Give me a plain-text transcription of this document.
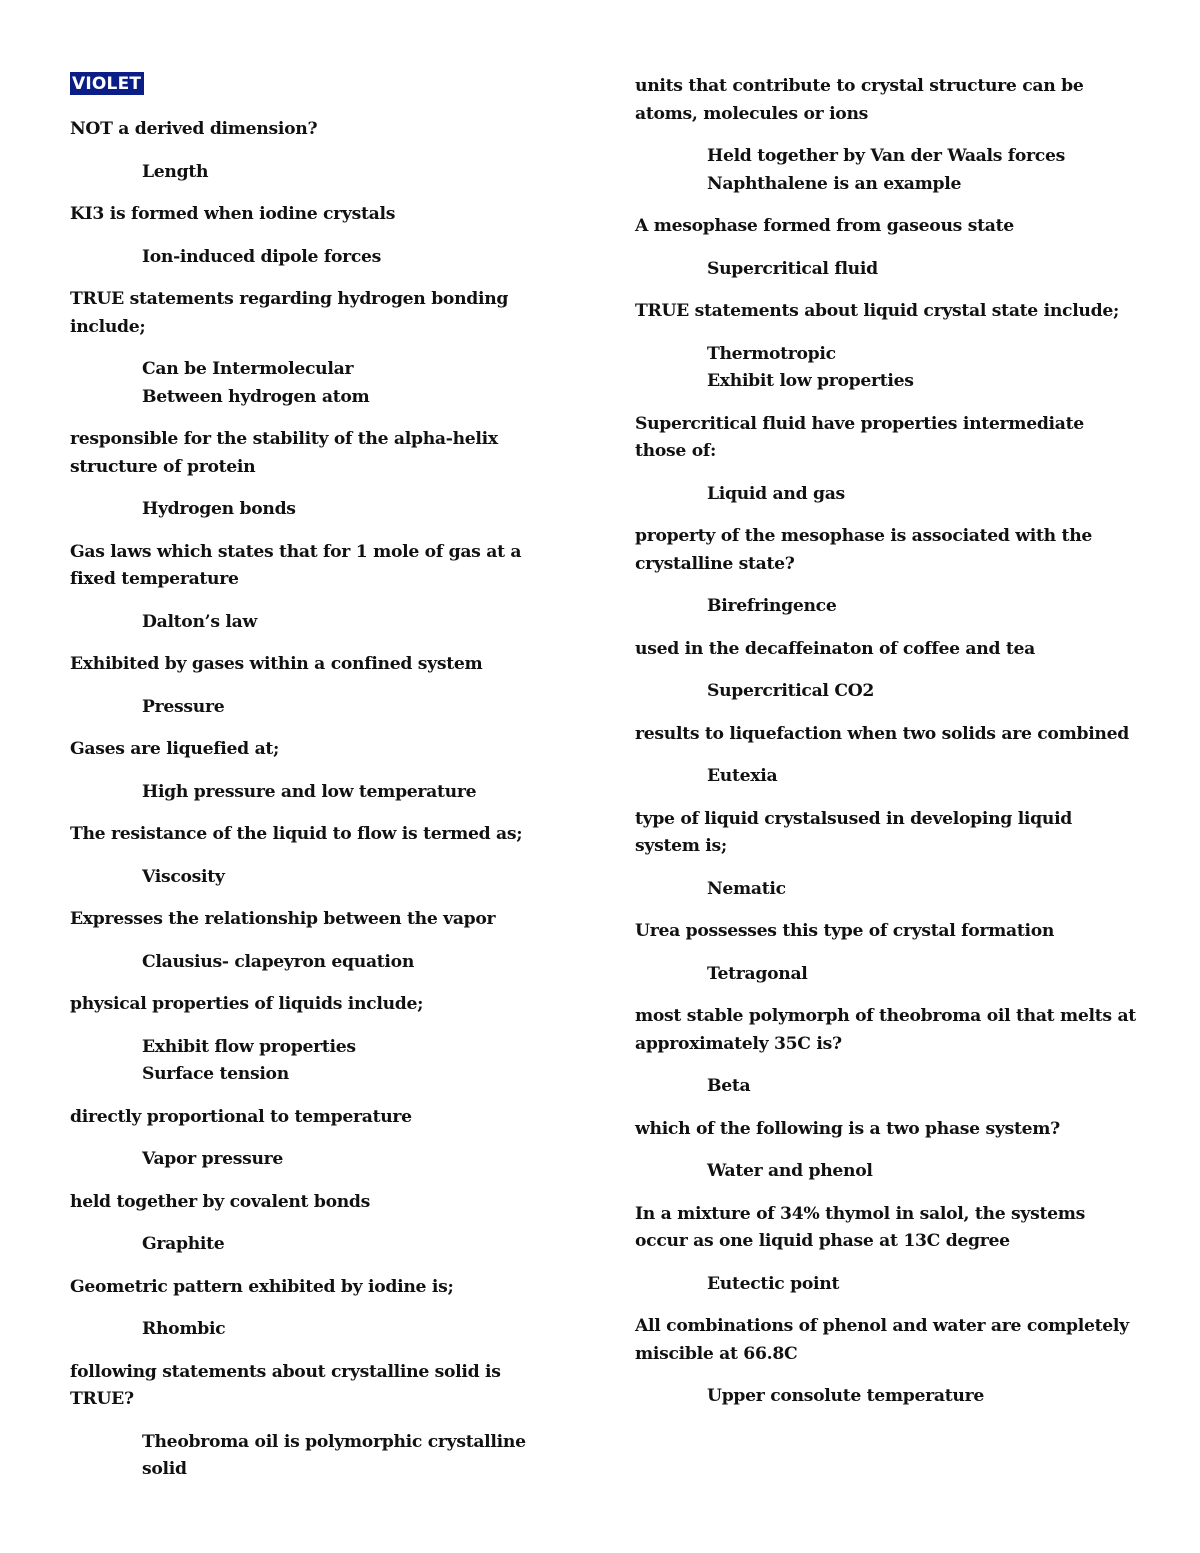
VIOLET
NOT a derived dimension?
Length
KI3 is formed when iodine crystals
Ion-induced dipole forces
TRUE statements regarding hydrogen bonding include;
Can be Intermolecular
Between hydrogen atom
responsible for the stability of the alpha-helix structure of protein
Hydrogen bonds
Gas laws which states that for 1 mole of gas at a fixed temperature
Dalton’s law
Exhibited by gases within a confined system
Pressure
Gases are liquefied at;
High pressure and low temperature
The resistance of the liquid to flow is termed as;
Viscosity
Expresses the relationship between the vapor
Clausius- clapeyron equation
physical properties of liquids include;
Exhibit flow properties
Surface tension
directly proportional to temperature
Vapor pressure
held together by covalent bonds
Graphite
Geometric pattern exhibited by iodine is;
Rhombic
following statements about crystalline solid is TRUE?
Theobroma oil is polymorphic crystalline solid
units that contribute to crystal structure can be atoms, molecules or ions
Held together by Van der Waals forces
Naphthalene is an example
A mesophase formed from gaseous state
Supercritical fluid
TRUE statements about liquid crystal state include;
Thermotropic
Exhibit low properties
Supercritical fluid have properties intermediate those of:
Liquid and gas
property of the mesophase is associated with the crystalline state?
Birefringence
used in the decaffeinaton of coffee and tea
Supercritical CO2
results to liquefaction when two solids are combined
Eutexia
type of liquid crystalsused in developing liquid system is;
Nematic
Urea possesses this type of crystal formation
Tetragonal
most stable polymorph of theobroma oil that melts at approximately 35C is?
Beta
which of the following is a two phase system?
Water and phenol
In a mixture of 34% thymol in salol, the systems occur as one liquid phase at 13C degree
Eutectic point
All combinations of phenol and water are completely miscible at 66.8C
Upper consolute temperature
